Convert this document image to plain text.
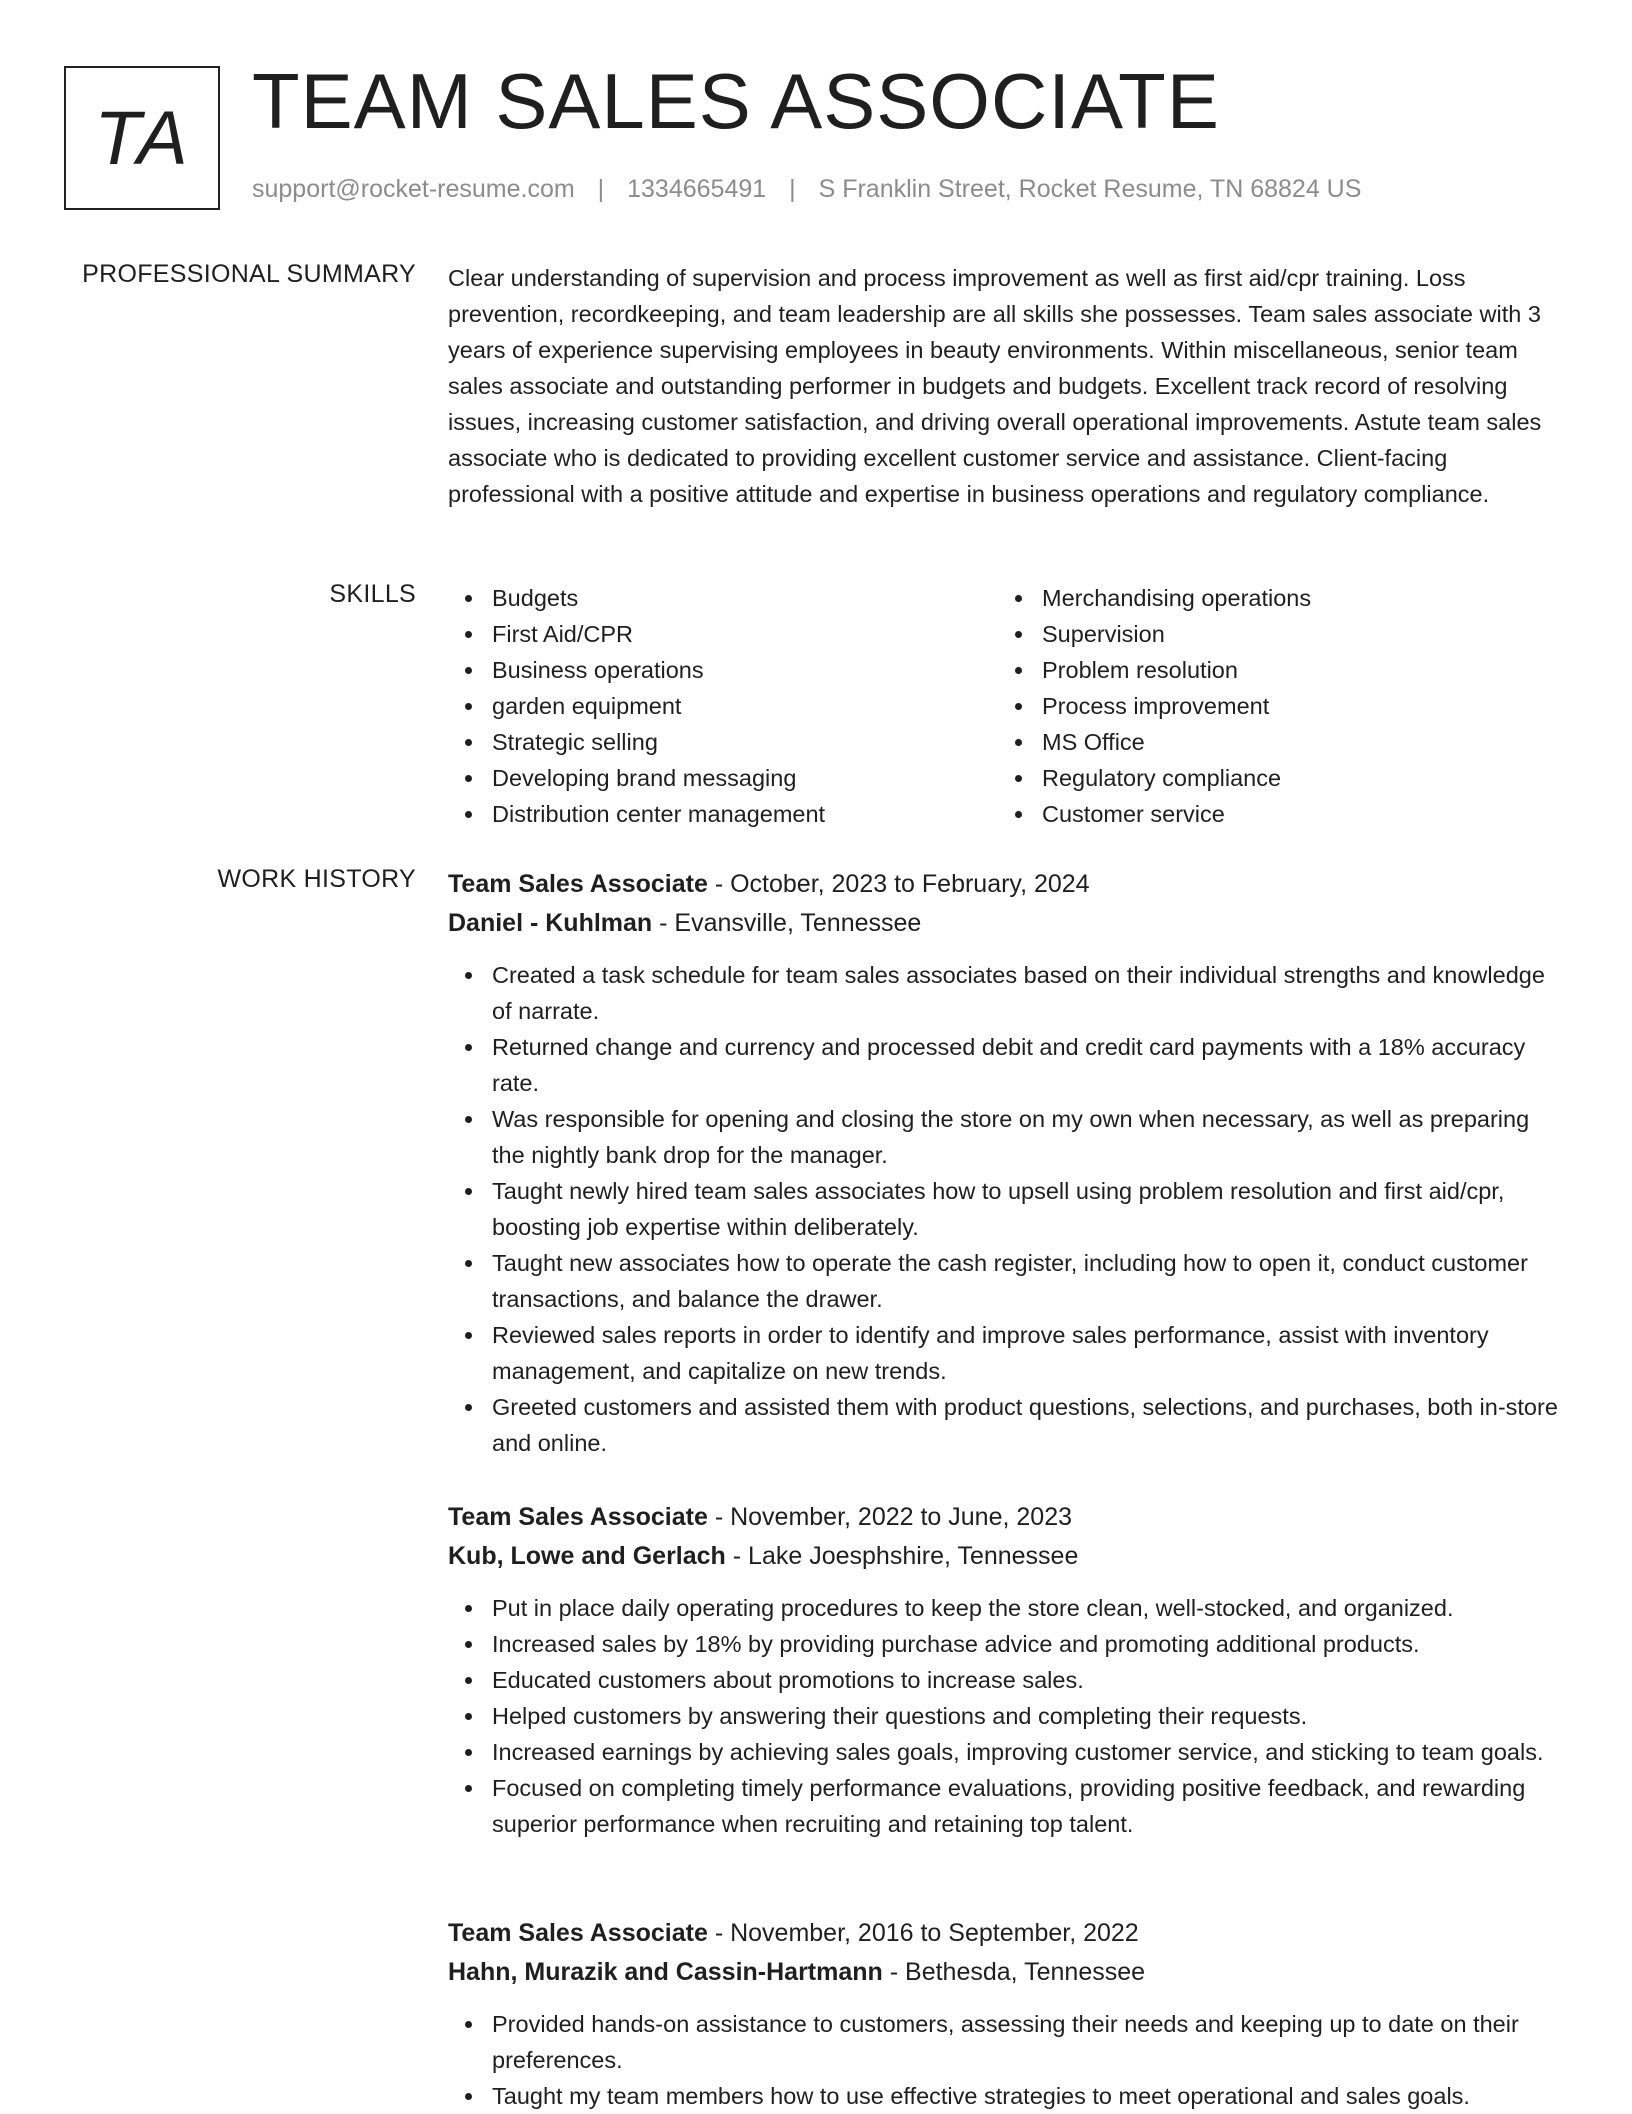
TA TEAM SALES ASSOCIATE
support@rocket-resume.com | 1334665491 | S Franklin Street, Rocket Resume, TN 68824 US
PROFESSIONAL SUMMARY Clear understanding of supervision and process improvement as well as first aid/cpr training. Loss prevention, recordkeeping, and team leadership are all skills she possesses. Team sales associate with 3 years of experience supervising employees in beauty environments. Within miscellaneous, senior team sales associate and outstanding performer in budgets and budgets. Excellent track record of resolving issues, increasing customer satisfaction, and driving overall operational improvements. Astute team sales associate who is dedicated to providing excellent customer service and assistance. Client-facing professional with a positive attitude and expertise in business operations and regulatory compliance.

SKILLS	Budgets
First Aid/CPR
Business operations
garden equipment
Strategic selling
Developing brand messaging
Distribution center management
Merchandising operations
Supervision
Problem resolution
Process improvement
MS Office
Regulatory compliance
Customer service
WORK HISTORY Team Sales Associate - October, 2023 to February, 2024
Daniel - Kuhlman - Evansville, Tennessee
Created a task schedule for team sales associates based on their individual strengths and knowledge of narrate.
Returned change and currency and processed debit and credit card payments with a 18% accuracy rate.
Was responsible for opening and closing the store on my own when necessary, as well as preparing the nightly bank drop for the manager.
Taught newly hired team sales associates how to upsell using problem resolution and first aid/cpr, boosting job expertise within deliberately.
Taught new associates how to operate the cash register, including how to open it, conduct customer transactions, and balance the drawer.
Reviewed sales reports in order to identify and improve sales performance, assist with inventory management, and capitalize on new trends.
Greeted customers and assisted them with product questions, selections, and purchases, both in-store and online.
Team Sales Associate - November, 2022 to June, 2023
Kub, Lowe and Gerlach - Lake Joesphshire, Tennessee
Put in place daily operating procedures to keep the store clean, well-stocked, and organized.
Increased sales by 18% by providing purchase advice and promoting additional products.
Educated customers about promotions to increase sales.
Helped customers by answering their questions and completing their requests.
Increased earnings by achieving sales goals, improving customer service, and sticking to team goals.
Focused on completing timely performance evaluations, providing positive feedback, and rewarding superior performance when recruiting and retaining top talent.
Team Sales Associate - November, 2016 to September, 2022
Hahn, Murazik and Cassin-Hartmann - Bethesda, Tennessee
Provided hands-on assistance to customers, assessing their needs and keeping up to date on their preferences.
Taught my team members how to use effective strategies to meet operational and sales goals.
